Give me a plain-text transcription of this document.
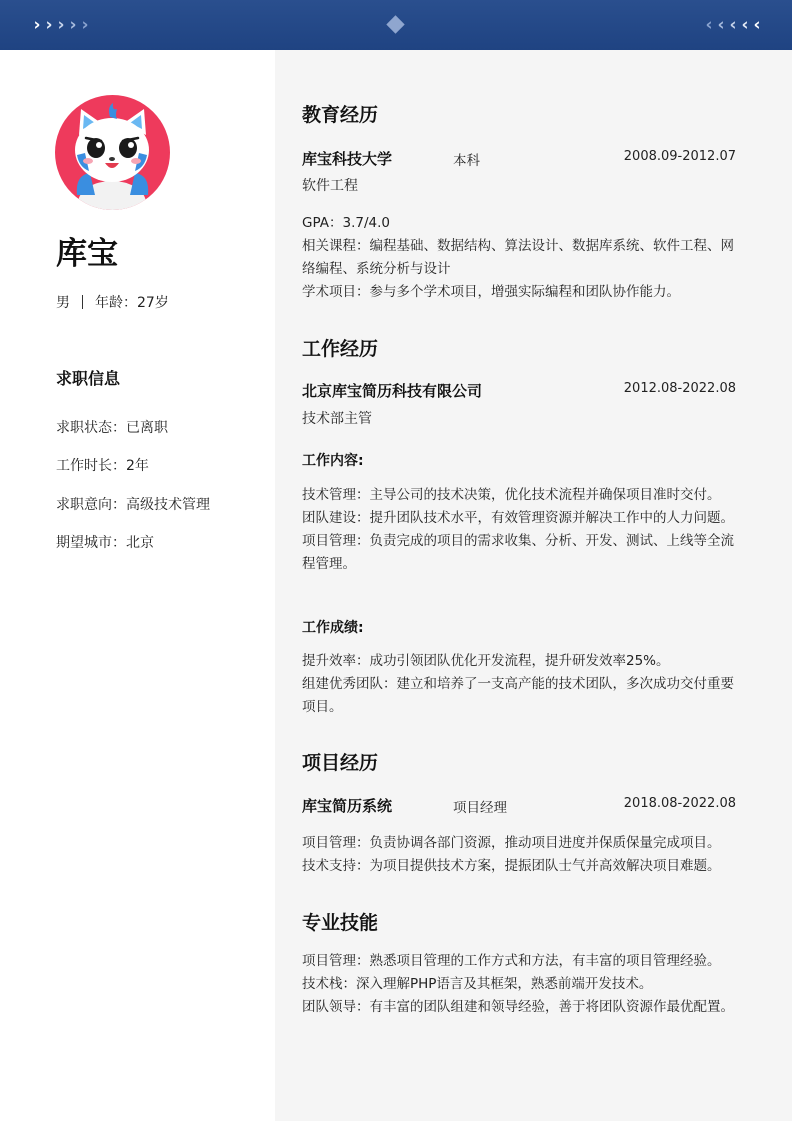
› › › › ›	‹ ‹ ‹ ‹ ‹
库宝
男 年龄：27岁
求职信息
求职状态：已离职
工作时长：2年
求职意向：高级技术管理
期望城市：北京
教育经历
库宝科技大学	本科	2008.09-2012.07
软件工程

GPA：3.7/4.0

相关课程：编程基础、数据结构、算法设计、数据库系统、软件工程、网络编程、系统分析与设计

学术项目：参与多个学术项目，增强实际编程和团队协作能力。

工作经历
北京库宝简历科技有限公司	2012.08-2022.08
技术部主管
工作内容:

技术管理：主导公司的技术决策，优化技术流程并确保项目准时交付。

团队建设：提升团队技术水平，有效管理资源并解决工作中的人力问题。

项目管理：负责完成的项目的需求收集、分析、开发、测试、上线等全流程管理。

工作成绩:

提升效率：成功引领团队优化开发流程，提升研发效率25%。

组建优秀团队：建立和培养了一支高产能的技术团队，多次成功交付重要项目。

项目经历
库宝简历系统	项目经理	2018.08-2022.08

项目管理：负责协调各部门资源，推动项目进度并保质保量完成项目。

技术支持：为项目提供技术方案，提振团队士气并高效解决项目难题。

专业技能

项目管理：熟悉项目管理的工作方式和方法，有丰富的项目管理经验。

技术栈：深入理解PHP语言及其框架，熟悉前端开发技术。

团队领导：有丰富的团队组建和领导经验，善于将团队资源作最优配置。
